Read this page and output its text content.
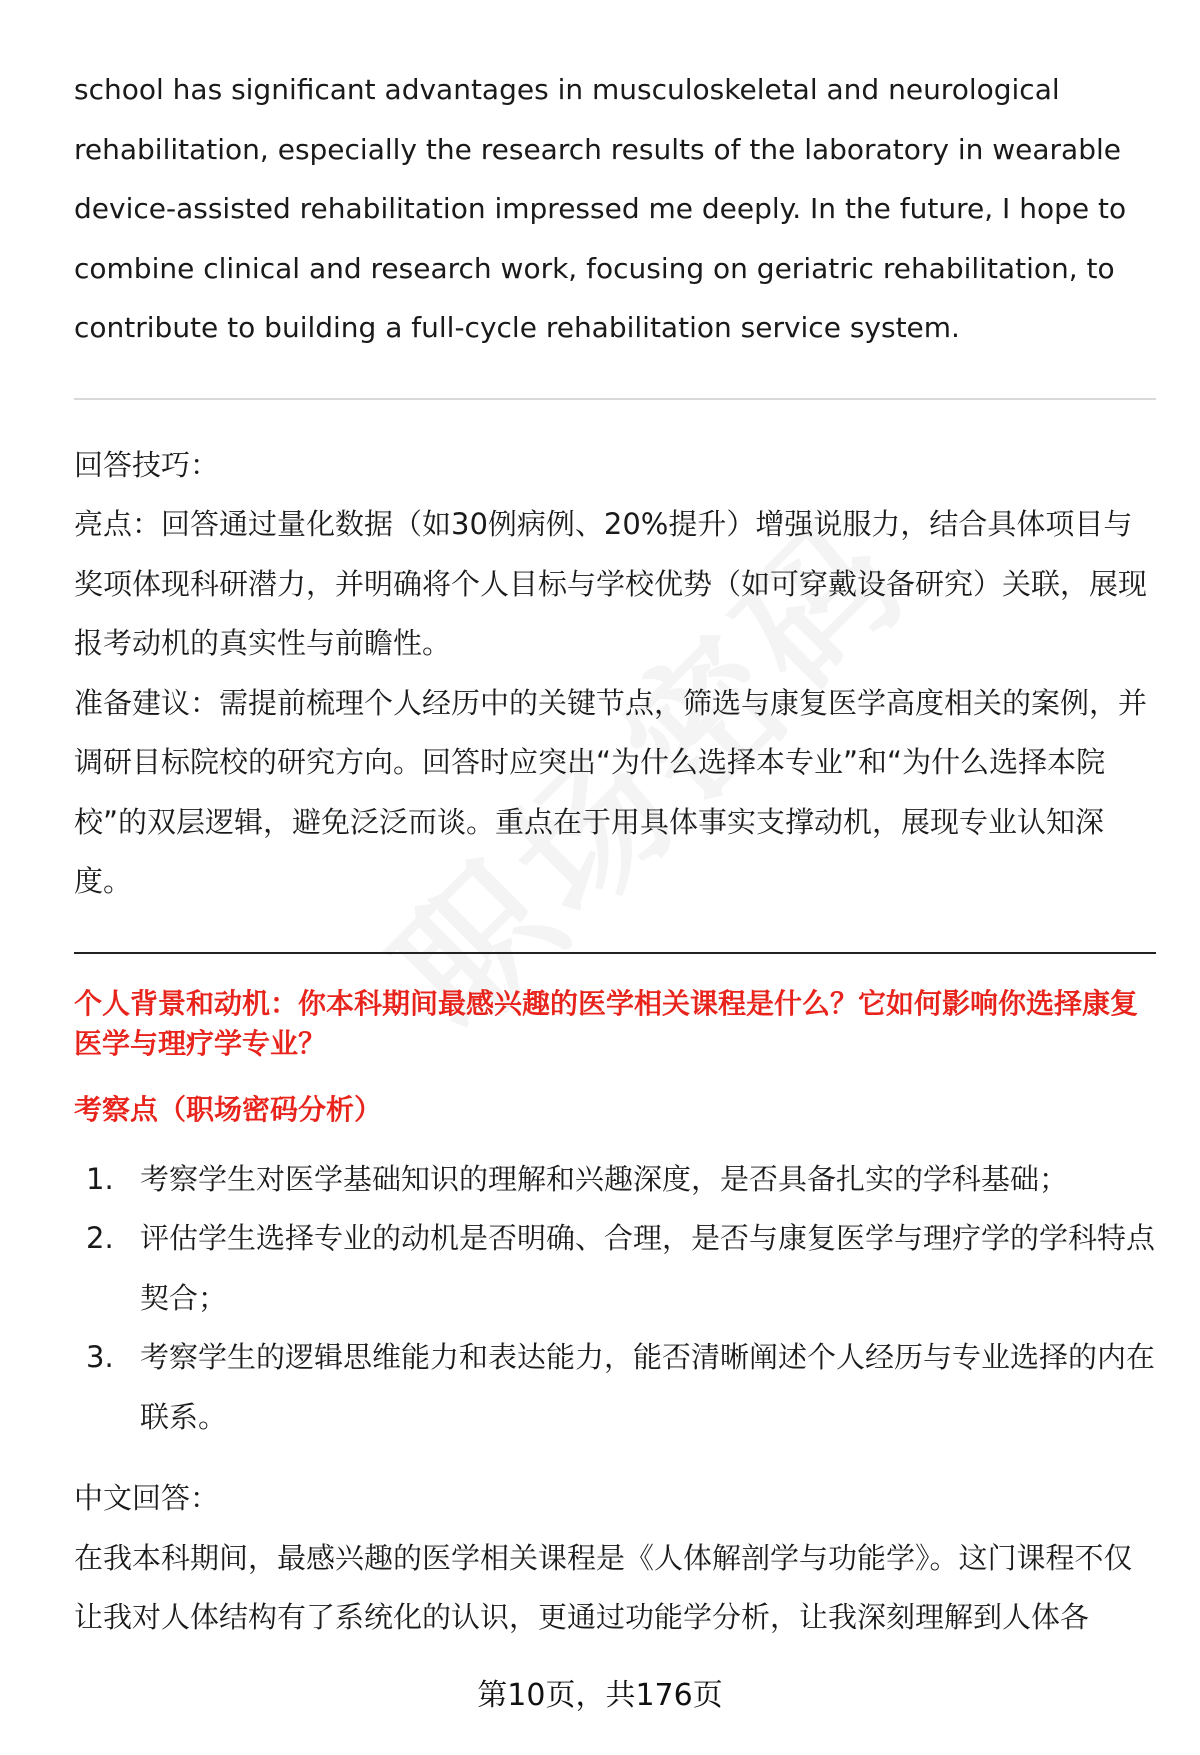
school has significant advantages in musculoskeletal and neurological rehabilitation, especially the research results of the laboratory in wearable device-assisted rehabilitation impressed me deeply. In the future, I hope to combine clinical and research work, focusing on geriatric rehabilitation, to contribute to building a full-cycle rehabilitation service system.

回答技巧：

亮点：回答通过量化数据（如30例病例、20%提升）增强说服力，结合具体项目与奖项体现科研潜力，并明确将个人目标与学校优势（如可穿戴设备研究）关联，展现报考动机的真实性与前瞻性。

准备建议：需提前梳理个人经历中的关键节点，筛选与康复医学高度相关的案例，并调研目标院校的研究方向。回答时应突出“为什么选择本专业”和“为什么选择本院校”的双层逻辑，避免泛泛而谈。重点在于用具体事实支撑动机，展现专业认知深度。

个人背景和动机：你本科期间最感兴趣的医学相关课程是什么？它如何影响你选择康复医学与理疗学专业？

考察点（职场密码分析）

1. 考察学生对医学基础知识的理解和兴趣深度，是否具备扎实的学科基础；
2. 评估学生选择专业的动机是否明确、合理，是否与康复医学与理疗学的学科特点契合；
3. 考察学生的逻辑思维能力和表达能力，能否清晰阐述个人经历与专业选择的内在联系。

中文回答：

在我本科期间，最感兴趣的医学相关课程是《人体解剖学与功能学》。这门课程不仅让我对人体结构有了系统化的认识，更通过功能学分析，让我深刻理解到人体各

第10页，共176页
